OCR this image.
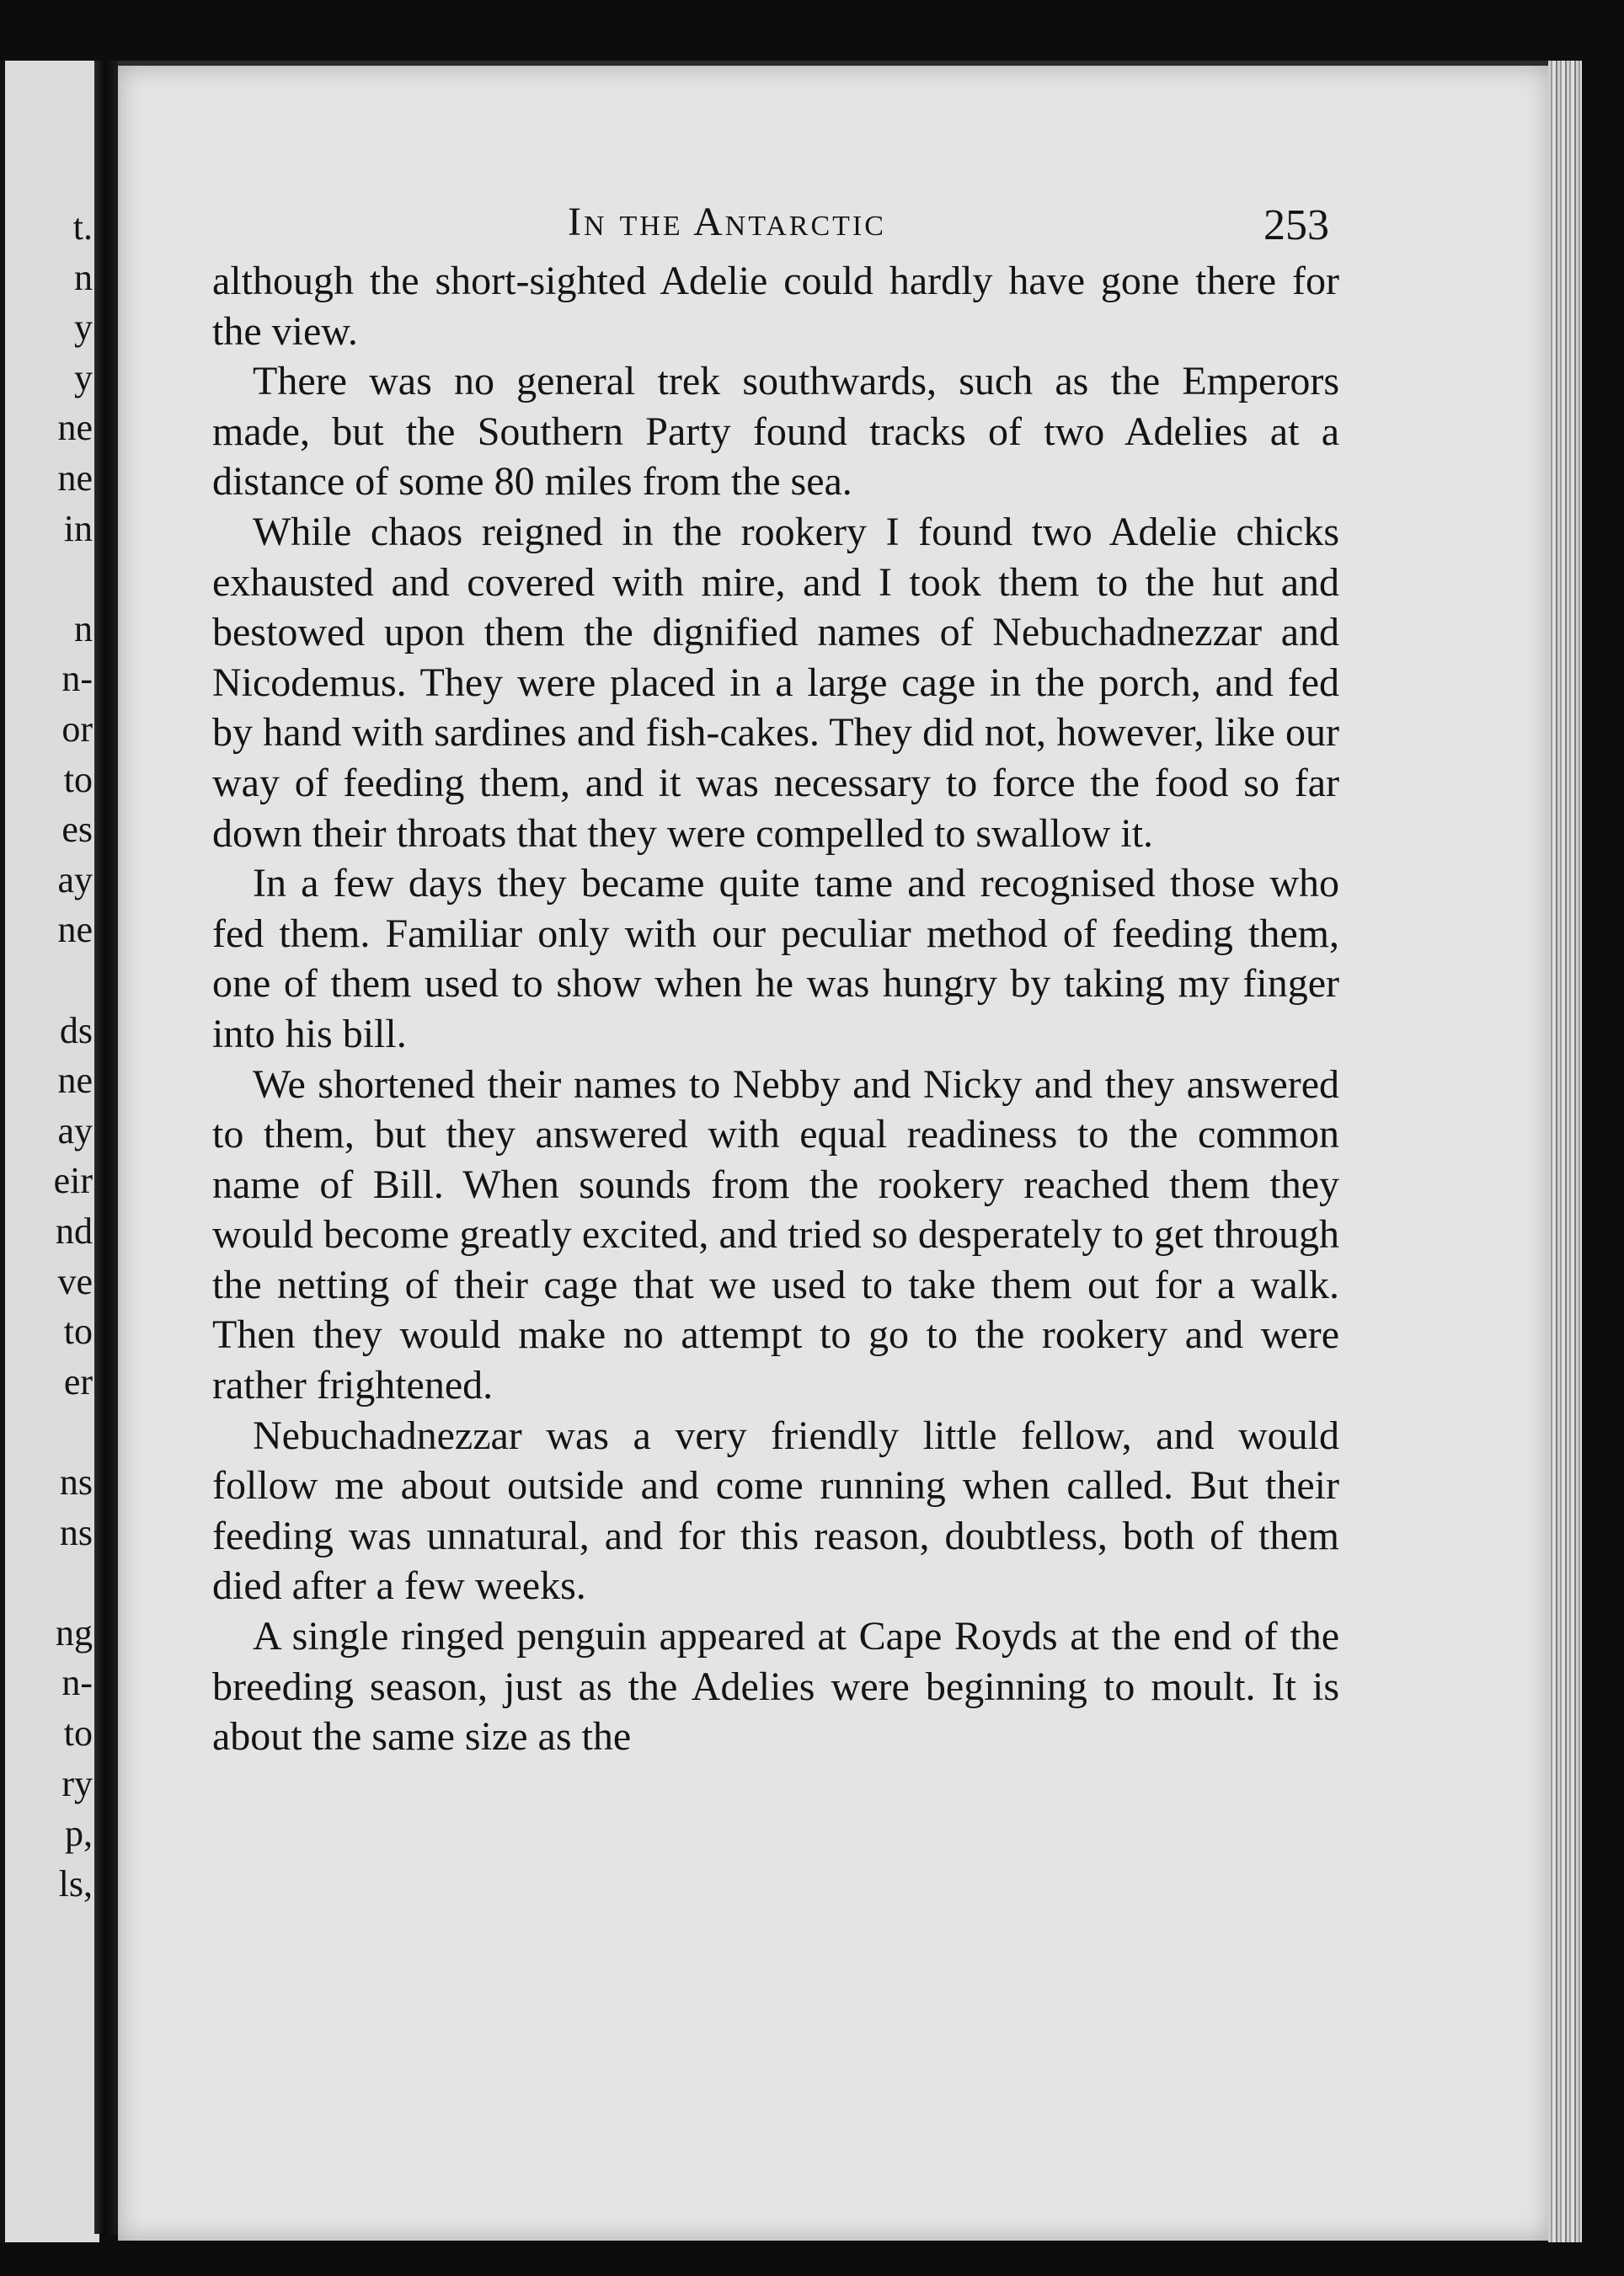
t.
n
y
y
ne
ne
in
n
n-
or
to
es
ay
ne
ds
ne
ay
eir
nd
ve
to
er
ns
ns
ng
n-
to
ry
p,
ls,
In the Antarctic	253

although the short-sighted Adelie could hardly have gone there for the view.

There was no general trek southwards, such as the Emperors made, but the Southern Party found tracks of two Adelies at a distance of some 80 miles from the sea.

While chaos reigned in the rookery I found two Adelie chicks exhausted and covered with mire, and I took them to the hut and bestowed upon them the dignified names of Nebuchadnezzar and Nicodemus. They were placed in a large cage in the porch, and fed by hand with sardines and fish-cakes. They did not, however, like our way of feeding them, and it was necessary to force the food so far down their throats that they were compelled to swallow it.

In a few days they became quite tame and recognised those who fed them. Familiar only with our peculiar method of feeding them, one of them used to show when he was hungry by taking my finger into his bill.

We shortened their names to Nebby and Nicky and they answered to them, but they answered with equal readiness to the common name of Bill. When sounds from the rookery reached them they would become greatly excited, and tried so desperately to get through the netting of their cage that we used to take them out for a walk. Then they would make no attempt to go to the rookery and were rather frightened.

Nebuchadnezzar was a very friendly little fellow, and would follow me about outside and come running when called. But their feeding was unnatural, and for this reason, doubtless, both of them died after a few weeks.

A single ringed penguin appeared at Cape Royds at the end of the breeding season, just as the Adelies were beginning to moult. It is about the same size as the
